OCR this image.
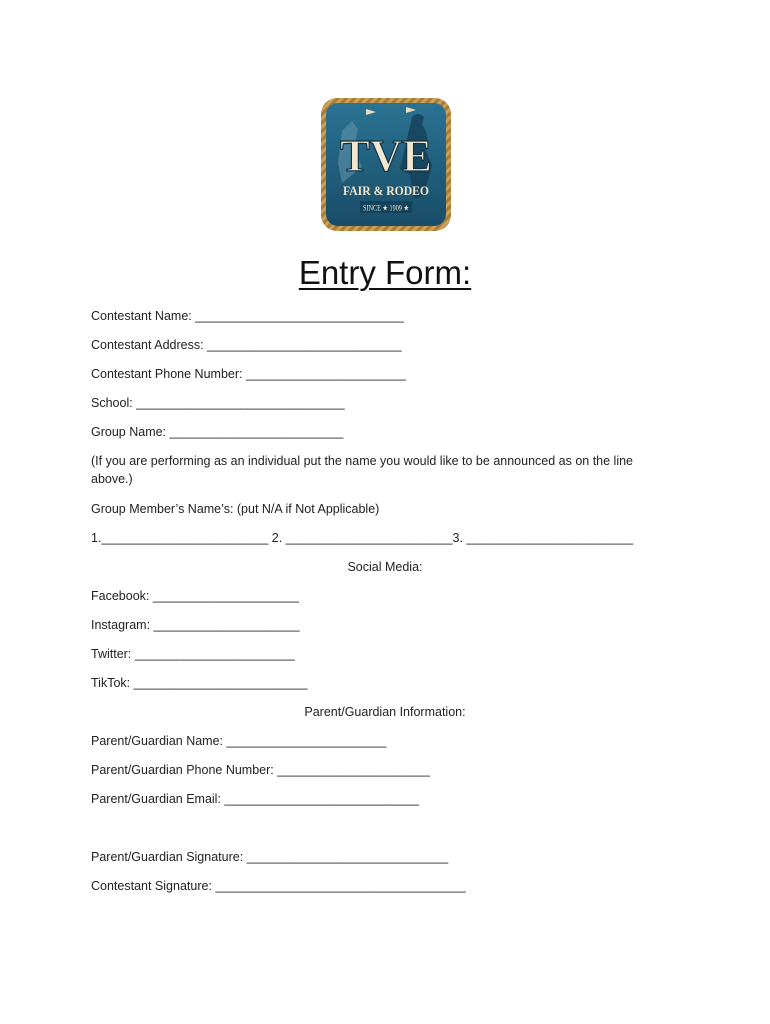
TVE
FAIR & RODEO
SINCE ★ 1909 ★
Entry Form:
Contestant Name: ______________________________
Contestant Address: ____________________________
Contestant Phone Number: _______________________
School: ______________________________
Group Name: _________________________
(If you are performing as an individual put the name you would like to be announced as on the line above.)
Group Member’s Name’s: (put N/A if Not Applicable)
1.________________________ 2. ________________________3. ________________________
Social Media:
Facebook: _____________________
Instagram: _____________________
Twitter: _______________________
TikTok: _________________________
Parent/Guardian Information:
Parent/Guardian Name: _______________________
Parent/Guardian Phone Number: ______________________
Parent/Guardian Email: ____________________________
Parent/Guardian Signature: _____________________________
Contestant Signature: ____________________________________
